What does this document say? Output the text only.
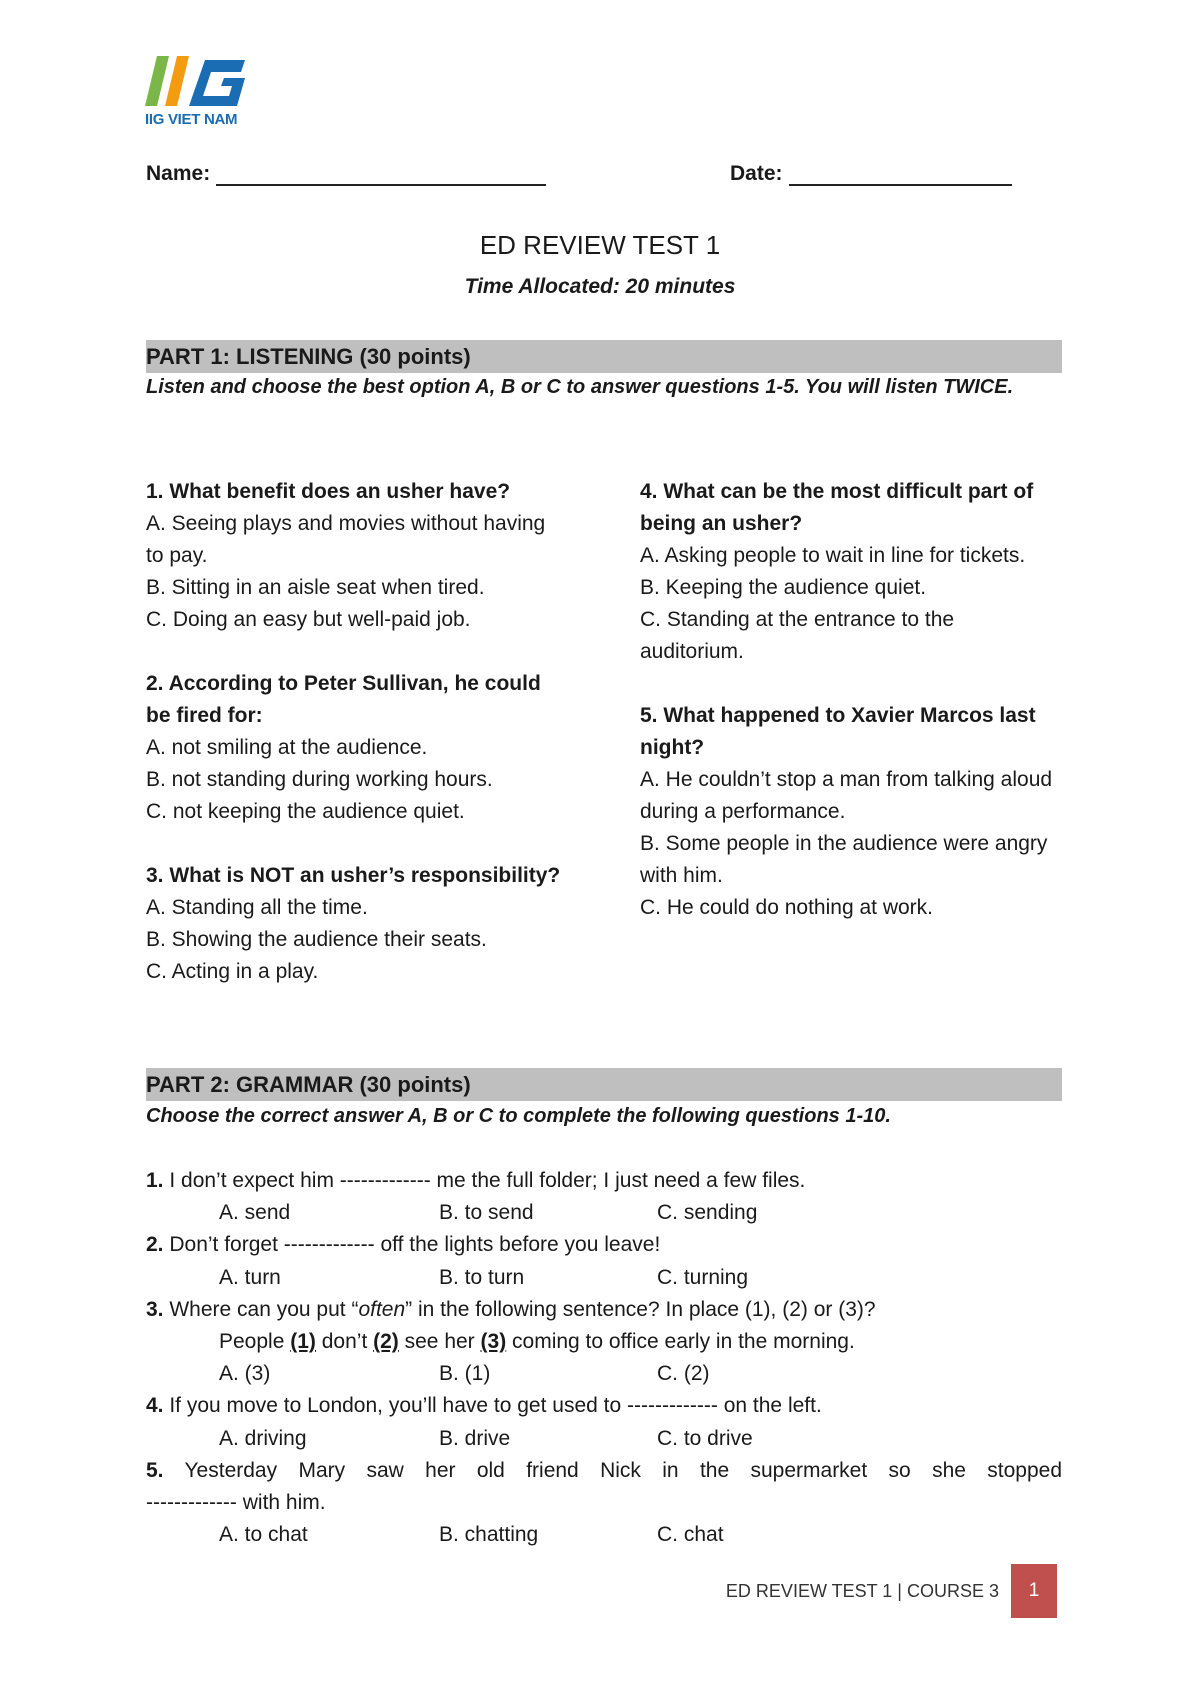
IIG VIET NAM
Name:	Date:
ED REVIEW TEST 1
Time Allocated: 20 minutes
PART 1: LISTENING (30 points)
Listen and choose the best option A, B or C to answer questions 1-5. You will listen TWICE.
1. What benefit does an usher have?
A. Seeing plays and movies without having to pay.
B. Sitting in an aisle seat when tired.
C. Doing an easy but well-paid job.
2. According to Peter Sullivan, he could be fired for:
A. not smiling at the audience.
B. not standing during working hours.
C. not keeping the audience quiet.
3. What is NOT an usher’s responsibility?
A. Standing all the time.
B. Showing the audience their seats.
C. Acting in a play.
4. What can be the most difficult part of being an usher?
A. Asking people to wait in line for tickets.
B. Keeping the audience quiet.
C. Standing at the entrance to the auditorium.
5. What happened to Xavier Marcos last night?
A. He couldn’t stop a man from talking aloud during a performance.
B. Some people in the audience were angry with him.
C. He could do nothing at work.
PART 2: GRAMMAR (30 points)
Choose the correct answer A, B or C to complete the following questions 1-10.
1. I don’t expect him ------------- me the full folder; I just need a few files.
A. send	B. to send	C. sending
2. Don’t forget ------------- off the lights before you leave!
A. turn	B. to turn	C. turning
3. Where can you put “often” in the following sentence? In place (1), (2) or (3)?
People (1) don’t (2) see her (3) coming to office early in the morning.
A. (3)	B. (1)	C. (2)
4. If you move to London, you’ll have to get used to ------------- on the left.
A. driving	B. drive	C. to drive
5. Yesterday Mary saw her old friend Nick in the supermarket so she stopped
------------- with him.
A. to chat	B. chatting	C. chat
ED REVIEW TEST 1 | COURSE 3	1
